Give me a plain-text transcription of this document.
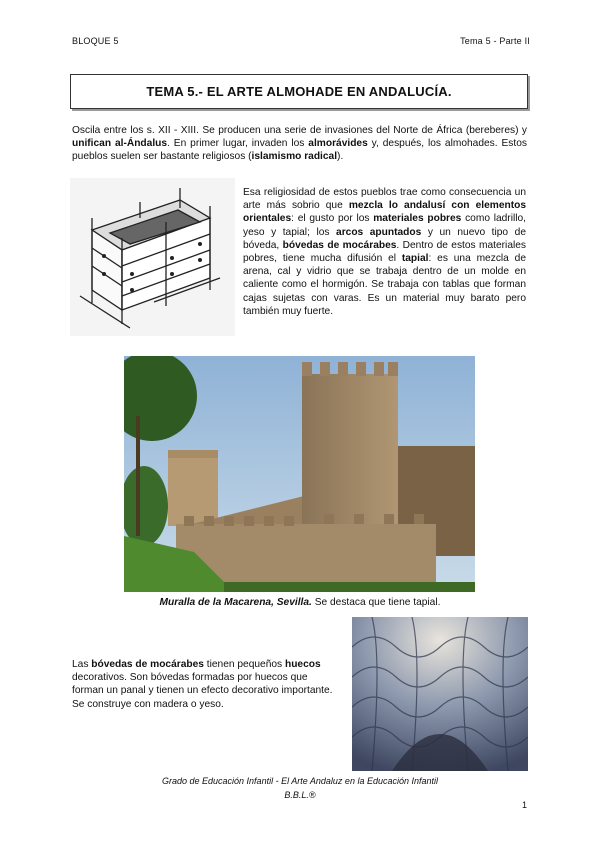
BLOQUE 5	Tema 5 - Parte II
TEMA 5.- EL ARTE ALMOHADE EN ANDALUCÍA.
Oscila entre los s. XII - XIII. Se producen una serie de invasiones del Norte de África (bereberes) y unifican al-Ándalus. En primer lugar, invaden los almorávides y, después, los almohades. Estos pueblos suelen ser bastante religiosos (islamismo radical).
Esa religiosidad de estos pueblos trae como consecuencia un arte más sobrio que mezcla lo andalusí con elementos orientales: el gusto por los materiales pobres como ladrillo, yeso y tapial; los arcos apuntados y un nuevo tipo de bóveda, bóvedas de mocárabes. Dentro de estos materiales pobres, tiene mucha difusión el tapial: es una mezcla de arena, cal y vidrio que se trabaja dentro de un molde en caliente como el hormigón. Se trabaja con tablas que forman cajas sujetas con varas. Es un material muy barato pero también muy fuerte.
Muralla de la Macarena, Sevilla. Se destaca que tiene tapial.
Las bóvedas de mocárabes tienen pequeños huecos decorativos. Son bóvedas formadas por huecos que forman un panal y tienen un efecto decorativo importante. Se construye con madera o yeso.
Grado de Educación Infantil - El Arte Andaluz en la Educación Infantil
B.B.L.®
1
